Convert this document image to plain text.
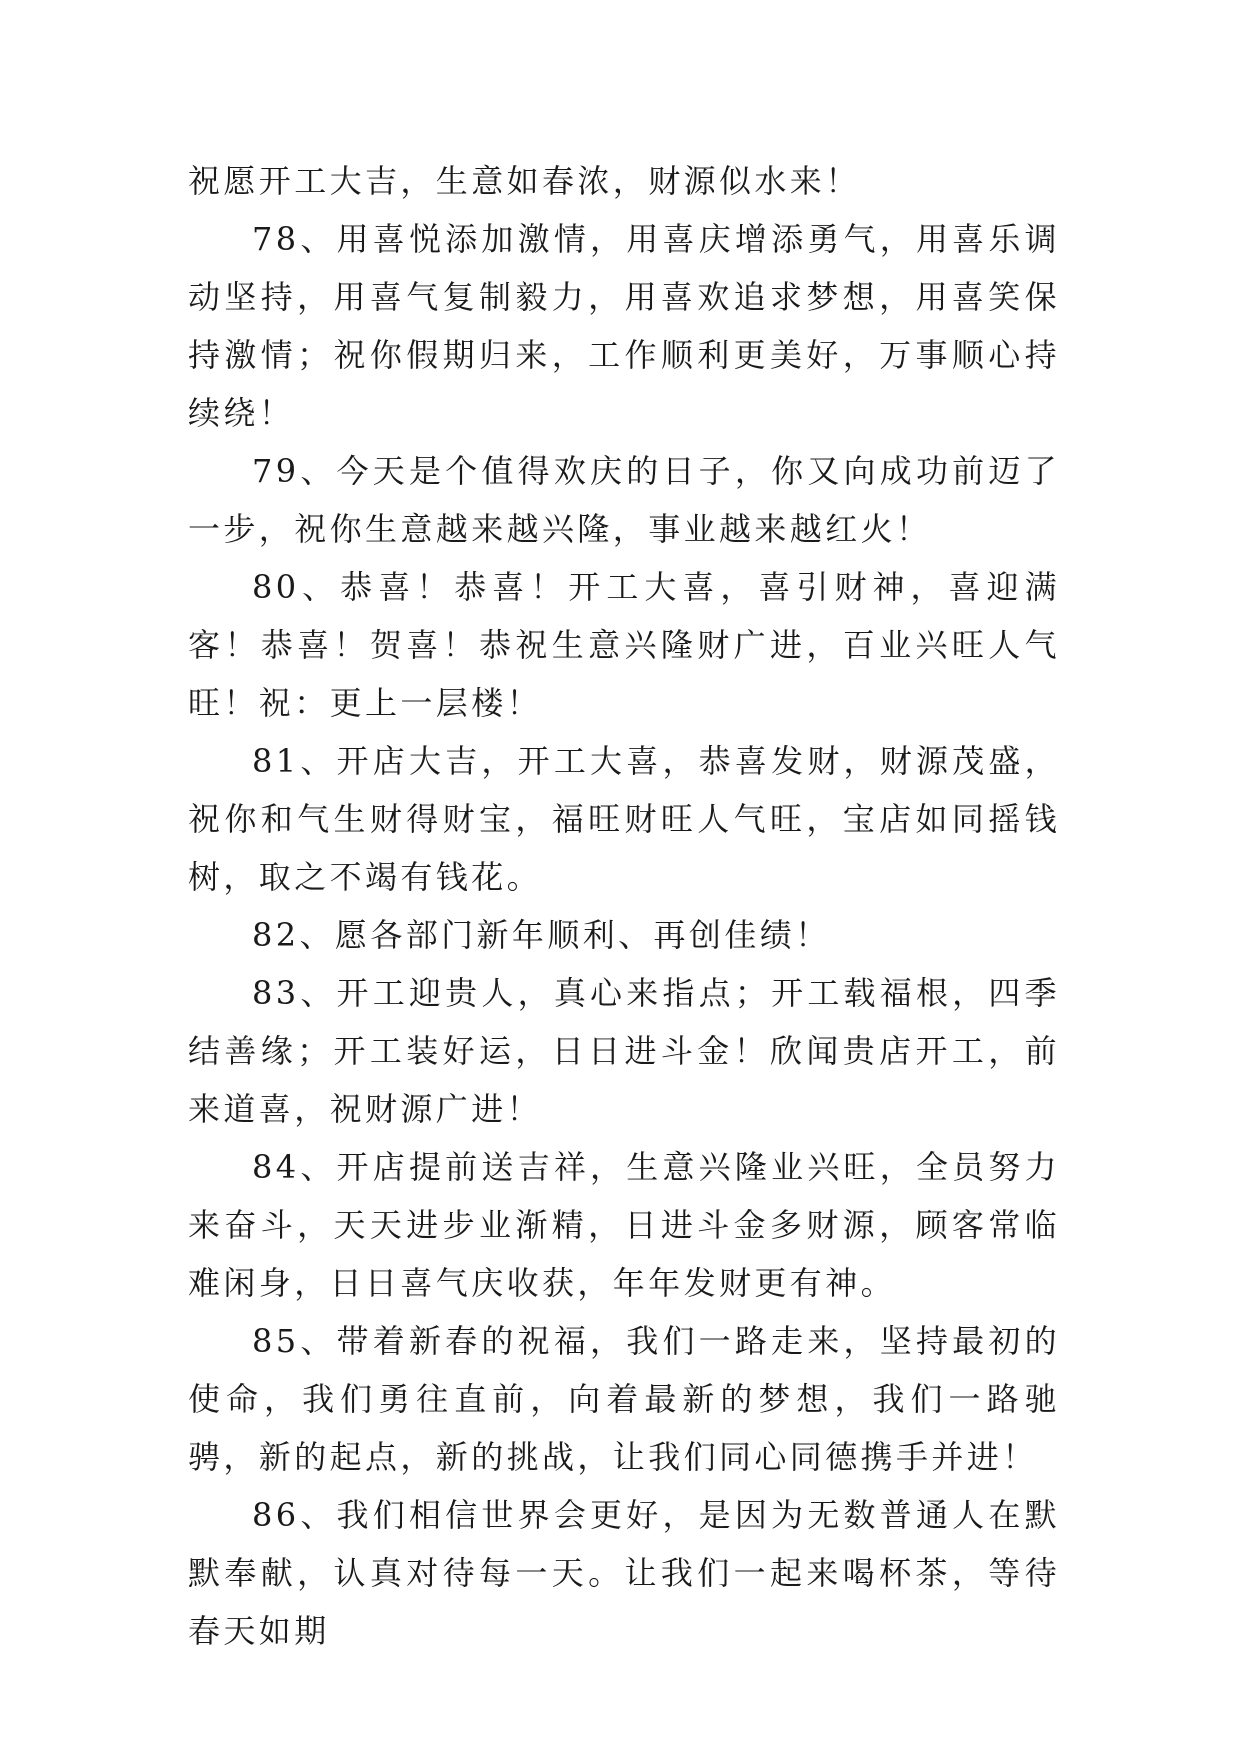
祝愿开工大吉，生意如春浓，财源似水来！

78、用喜悦添加激情，用喜庆增添勇气，用喜乐调动坚持，用喜气复制毅力，用喜欢追求梦想，用喜笑保持激情；祝你假期归来，工作顺利更美好，万事顺心持续绕！

79、今天是个值得欢庆的日子，你又向成功前迈了一步，祝你生意越来越兴隆，事业越来越红火！

80、恭喜！恭喜！开工大喜，喜引财神，喜迎满客！恭喜！贺喜！恭祝生意兴隆财广进，百业兴旺人气旺！祝：更上一层楼！

81、开店大吉，开工大喜，恭喜发财，财源茂盛，祝你和气生财得财宝，福旺财旺人气旺，宝店如同摇钱树，取之不竭有钱花。

82、愿各部门新年顺利、再创佳绩！

83、开工迎贵人，真心来指点；开工载福根，四季结善缘；开工装好运，日日进斗金！欣闻贵店开工，前来道喜，祝财源广进！

84、开店提前送吉祥，生意兴隆业兴旺，全员努力来奋斗，天天进步业渐精，日进斗金多财源，顾客常临难闲身，日日喜气庆收获，年年发财更有神。

85、带着新春的祝福，我们一路走来，坚持最初的使命，我们勇往直前，向着最新的梦想，我们一路驰骋，新的起点，新的挑战，让我们同心同德携手并进！

86、我们相信世界会更好，是因为无数普通人在默默奉献，认真对待每一天。让我们一起来喝杯茶，等待春天如期
